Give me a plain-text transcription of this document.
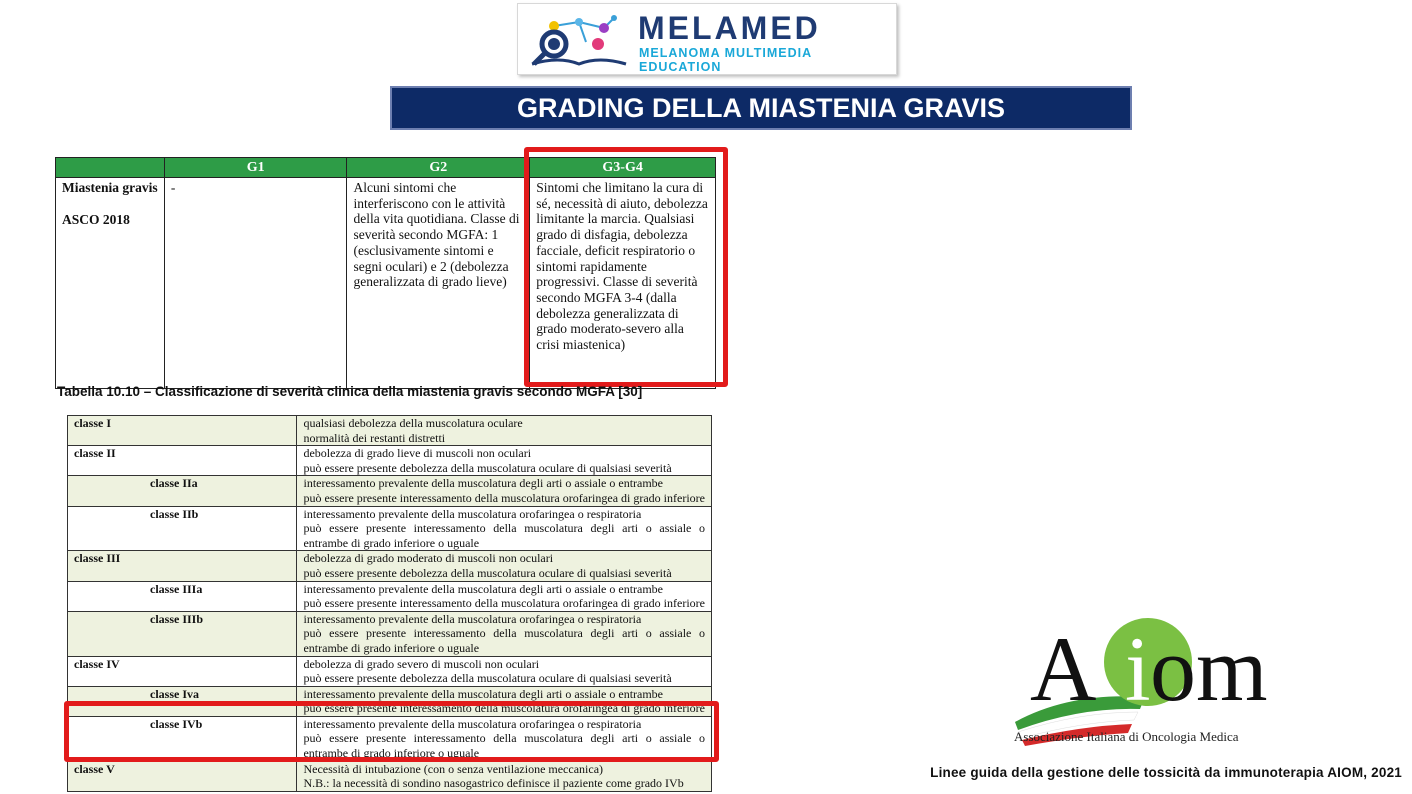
MELAMED
MELANOMA MULTIMEDIA EDUCATION
GRADING DELLA MIASTENIA GRAVIS
	G1	G2	G3-G4

Miastenia gravis
ASCO 2018	-	Alcuni sintomi che interferiscono con le attività della vita quotidiana. Classe di severità secondo MGFA: 1 (esclusivamente sintomi e segni oculari) e 2 (debolezza generalizzata di grado lieve)	Sintomi che limitano la cura di sé, necessità di aiuto, debolezza limitante la marcia. Qualsiasi grado di disfagia, debolezza facciale, deficit respiratorio o sintomi rapidamente progressivi. Classe di severità secondo MGFA 3-4 (dalla debolezza generalizzata di grado moderato-severo alla crisi miastenica)
Tabella 10.10 – Classificazione di severità clinica della miastenia gravis secondo MGFA [30]
classe I	qualsiasi debolezza della muscolatura oculare
normalità dei restanti distretti

classe II	debolezza di grado lieve di muscoli non oculari
può essere presente debolezza della muscolatura oculare di qualsiasi severità

classe IIa	interessamento prevalente della muscolatura degli arti o assiale o entrambe
può essere presente interessamento della muscolatura orofaringea di grado inferiore

classe IIb	interessamento prevalente della muscolatura orofaringea o respiratoria
può essere presente interessamento della muscolatura degli arti o assiale o
entrambe di grado inferiore o uguale

classe III	debolezza di grado moderato di muscoli non oculari
può essere presente debolezza della muscolatura oculare di qualsiasi severità

classe IIIa	interessamento prevalente della muscolatura degli arti o assiale o entrambe
può essere presente interessamento della muscolatura orofaringea di grado inferiore

classe IIIb	interessamento prevalente della muscolatura orofaringea o respiratoria
può essere presente interessamento della muscolatura degli arti o assiale o
entrambe di grado inferiore o uguale

classe IV	debolezza di grado severo di muscoli non oculari
può essere presente debolezza della muscolatura oculare di qualsiasi severità

classe Iva	interessamento prevalente della muscolatura degli arti o assiale o entrambe
può essere presente interessamento della muscolatura orofaringea di grado inferiore

classe IVb	interessamento prevalente della muscolatura orofaringea o respiratoria
può essere presente interessamento della muscolatura degli arti o assiale o
entrambe di grado inferiore o uguale

classe V	Necessità di intubazione (con o senza ventilazione meccanica)
N.B.: la necessità di sondino nasogastrico definisce il paziente come grado IVb
A i om
Associazione Italiana di Oncologia Medica
Linee guida della gestione delle tossicità da immunoterapia AIOM, 2021
